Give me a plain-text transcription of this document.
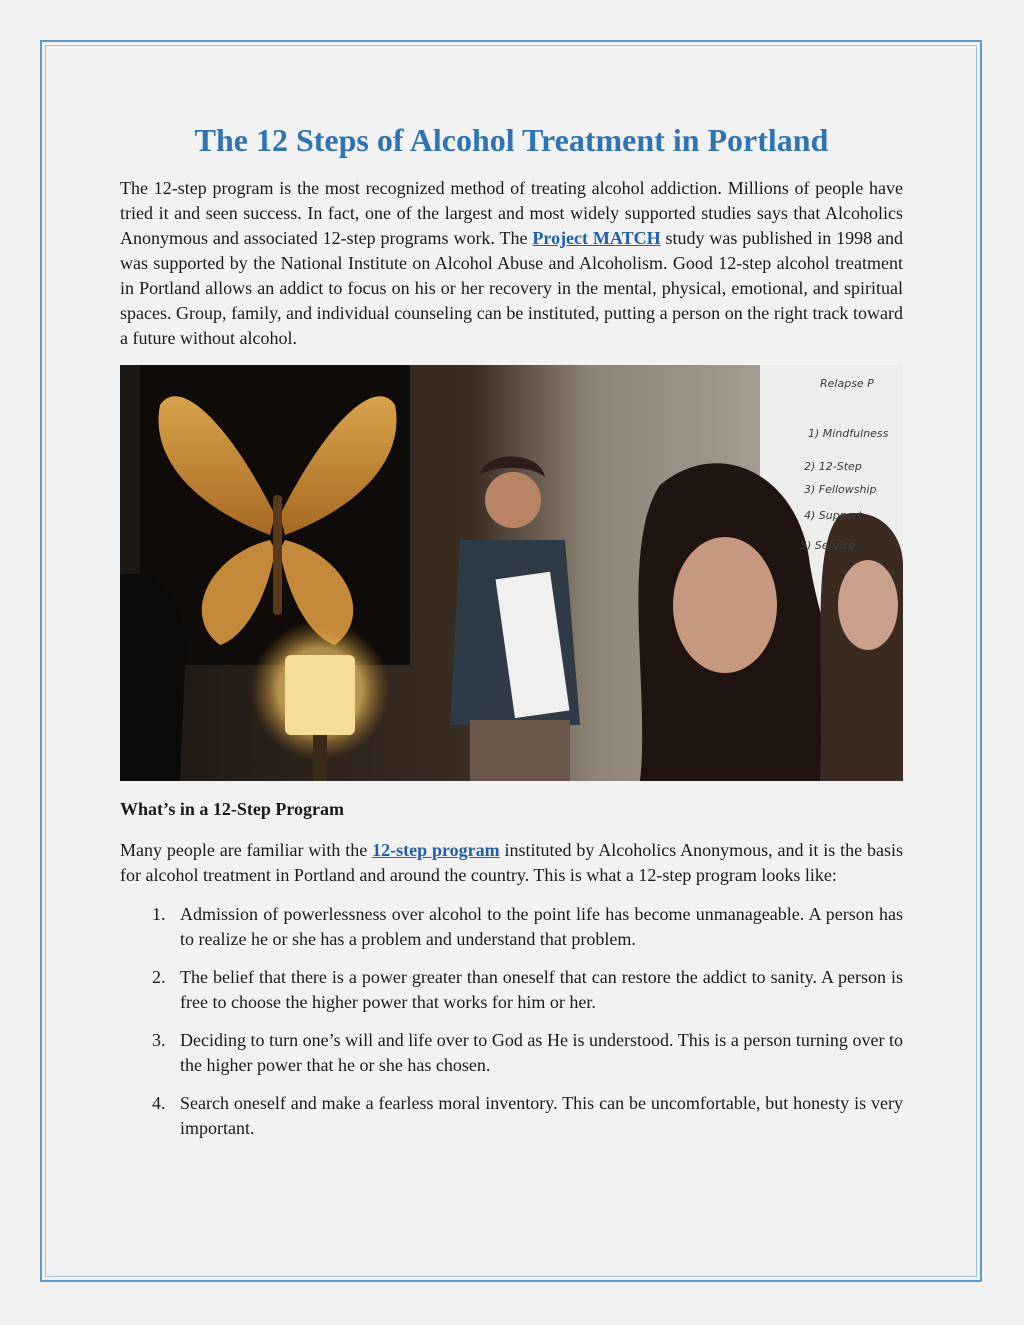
The 12 Steps of Alcohol Treatment in Portland

The 12-step program is the most recognized method of treating alcohol addiction. Millions of people have tried it and seen success. In fact, one of the largest and most widely supported studies says that Alcoholics Anonymous and associated 12-step programs work. The Project MATCH study was published in 1998 and was supported by the National Institute on Alcohol Abuse and Alcoholism. Good 12-step alcohol treatment in Portland allows an addict to focus on his or her recovery in the mental, physical, emotional, and spiritual spaces. Group, family, and individual counseling can be instituted, putting a person on the right track toward a future without alcohol.

Relapse P
1) Mindfulness
2) 12-Step
3) Fellowship
4) Support
5) Service
What’s in a 12-Step Program

Many people are familiar with the 12-step program instituted by Alcoholics Anonymous, and it is the basis for alcohol treatment in Portland and around the country. This is what a 12-step program looks like:

1. Admission of powerlessness over alcohol to the point life has become unmanageable. A person has to realize he or she has a problem and understand that problem.
2. The belief that there is a power greater than oneself that can restore the addict to sanity. A person is free to choose the higher power that works for him or her.
3. Deciding to turn one’s will and life over to God as He is understood. This is a person turning over to the higher power that he or she has chosen.
4. Search oneself and make a fearless moral inventory. This can be uncomfortable, but honesty is very important.
